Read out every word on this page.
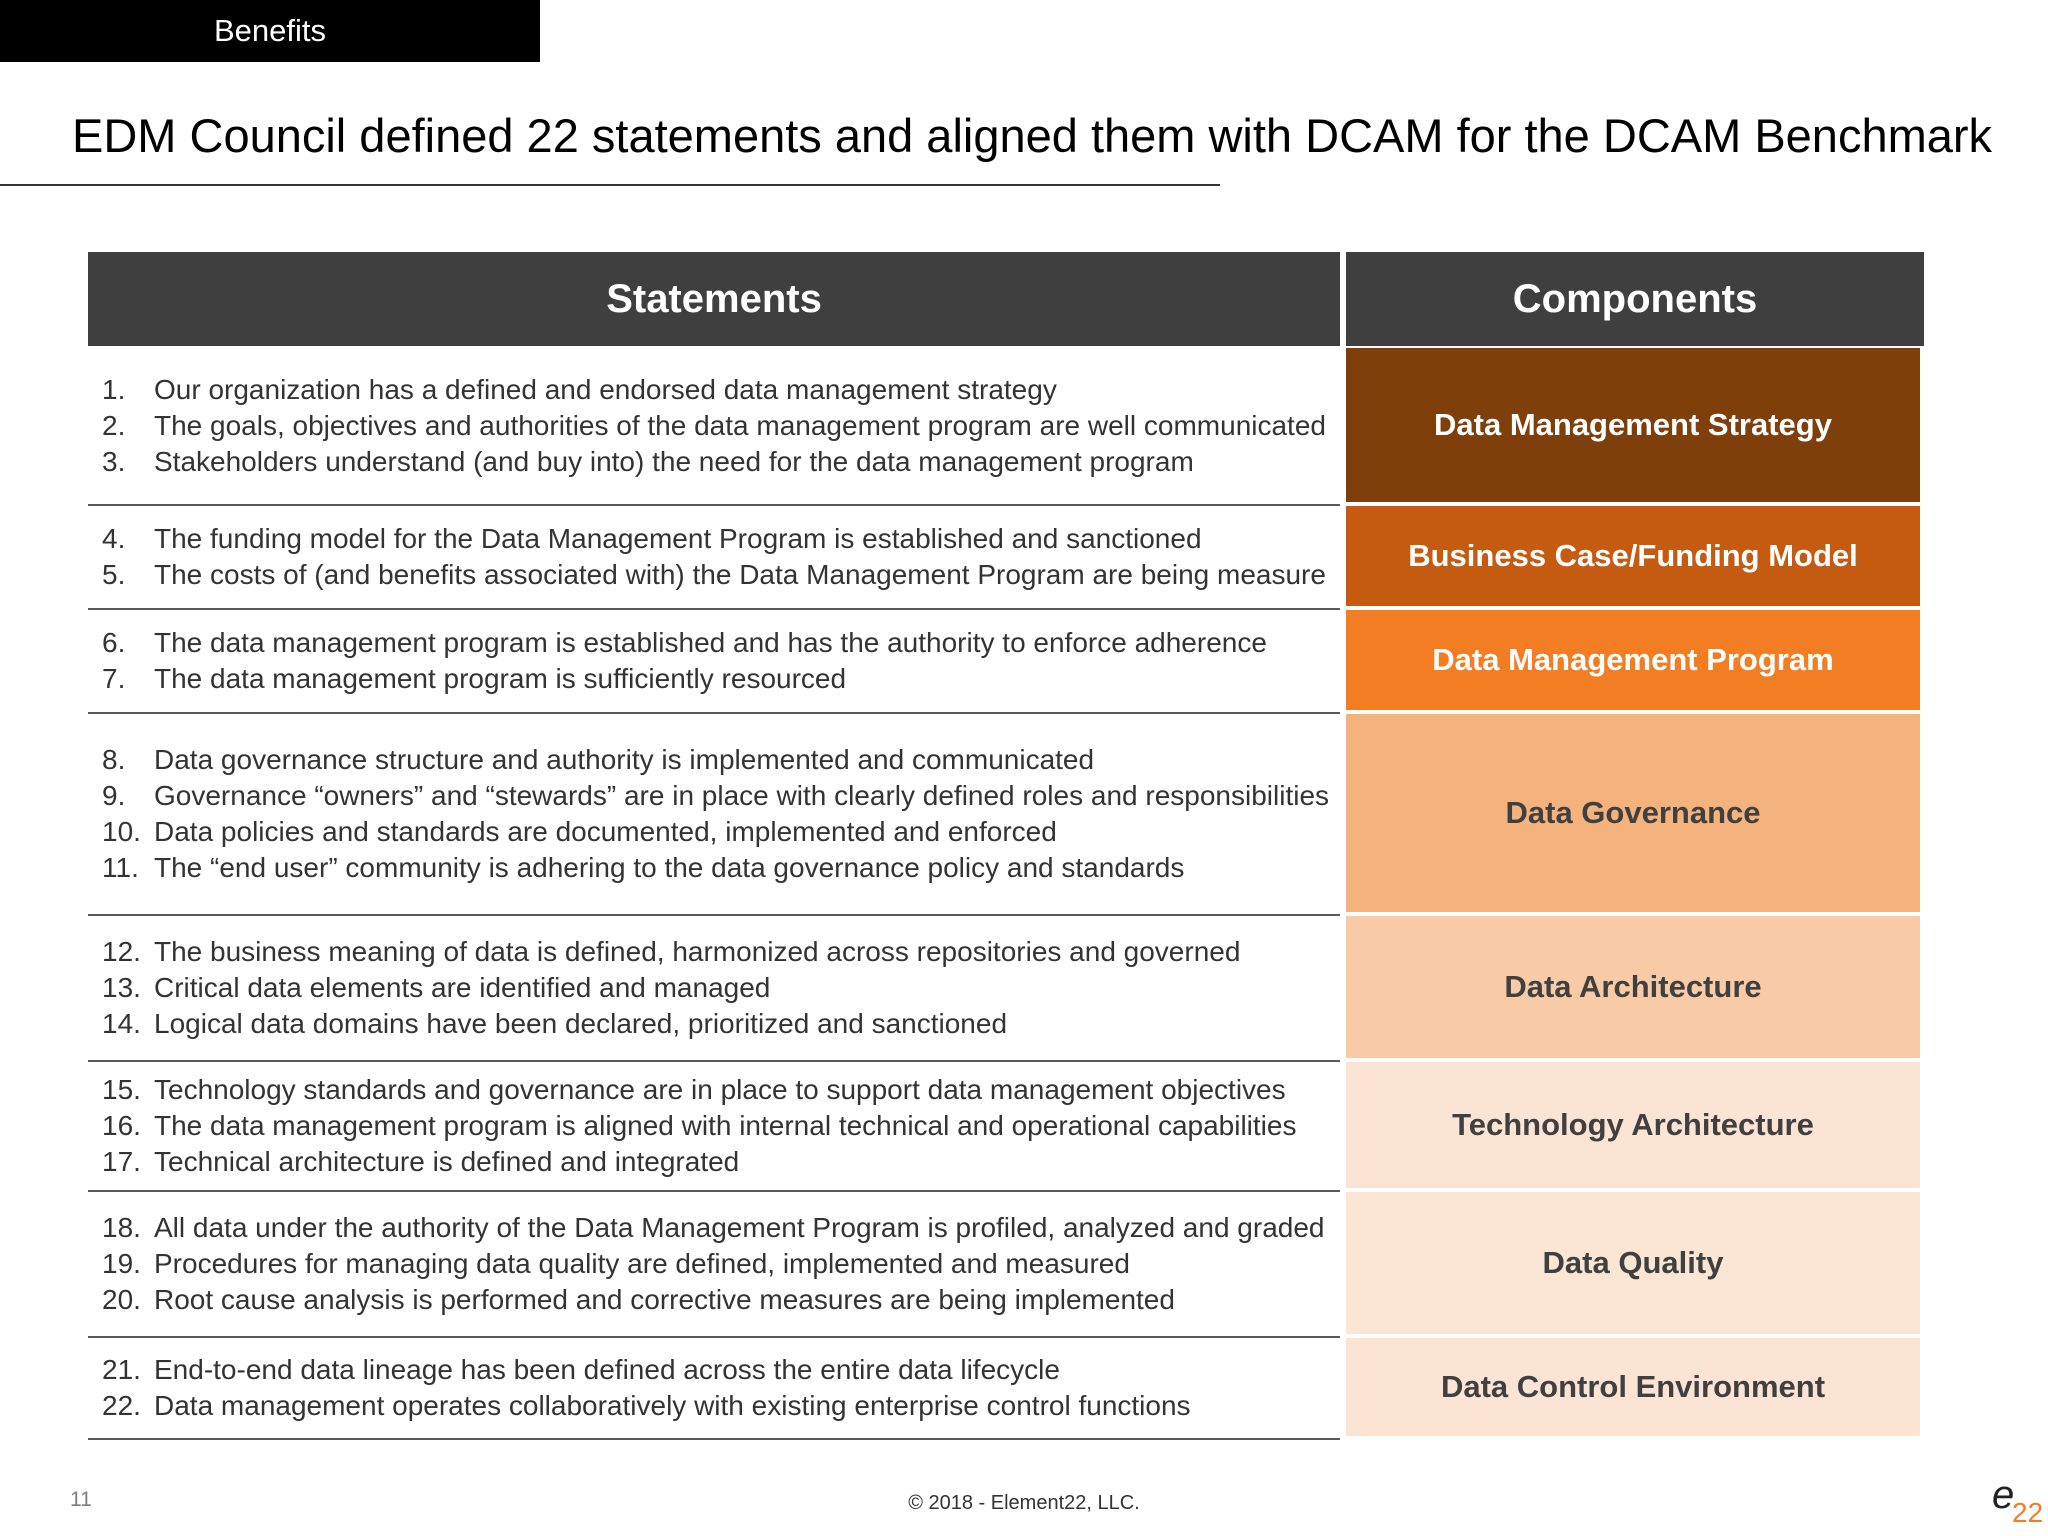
Benefits
EDM Council defined 22 statements and aligned them with DCAM for the DCAM Benchmark
Statements	Components
1.	Our organization has a defined and endorsed data management strategy
2.	The goals, objectives and authorities of the data management program are well communicated
3.	Stakeholders understand (and buy into) the need for the data management program
Data Management Strategy
4.	The funding model for the Data Management Program is established and sanctioned
5.	The costs of (and benefits associated with) the Data Management Program are being measure
Business Case/Funding Model
6.	The data management program is established and has the authority to enforce adherence
7.	The data management program is sufficiently resourced
Data Management Program
8.	Data governance structure and authority is implemented and communicated
9.	Governance “owners” and “stewards” are in place with clearly defined roles and responsibilities
10. Data policies and standards are documented, implemented and enforced
11. The “end user” community is adhering to the data governance policy and standards
Data Governance
12. The business meaning of data is defined, harmonized across repositories and governed
13. Critical data elements are identified and managed
14. Logical data domains have been declared, prioritized and sanctioned
Data Architecture
15. Technology standards and governance are in place to support data management objectives
16. The data management program is aligned with internal technical and operational capabilities
17. Technical architecture is defined and integrated
Technology Architecture
18. All data under the authority of the Data Management Program is profiled, analyzed and graded
19. Procedures for managing data quality are defined, implemented and measured
20. Root cause analysis is performed and corrective measures are being implemented
Data Quality
21. End-to-end data lineage has been defined across the entire data lifecycle
22. Data management operates collaboratively with existing enterprise control functions
Data Control Environment
11	© 2018 - Element22, LLC.	e
22
